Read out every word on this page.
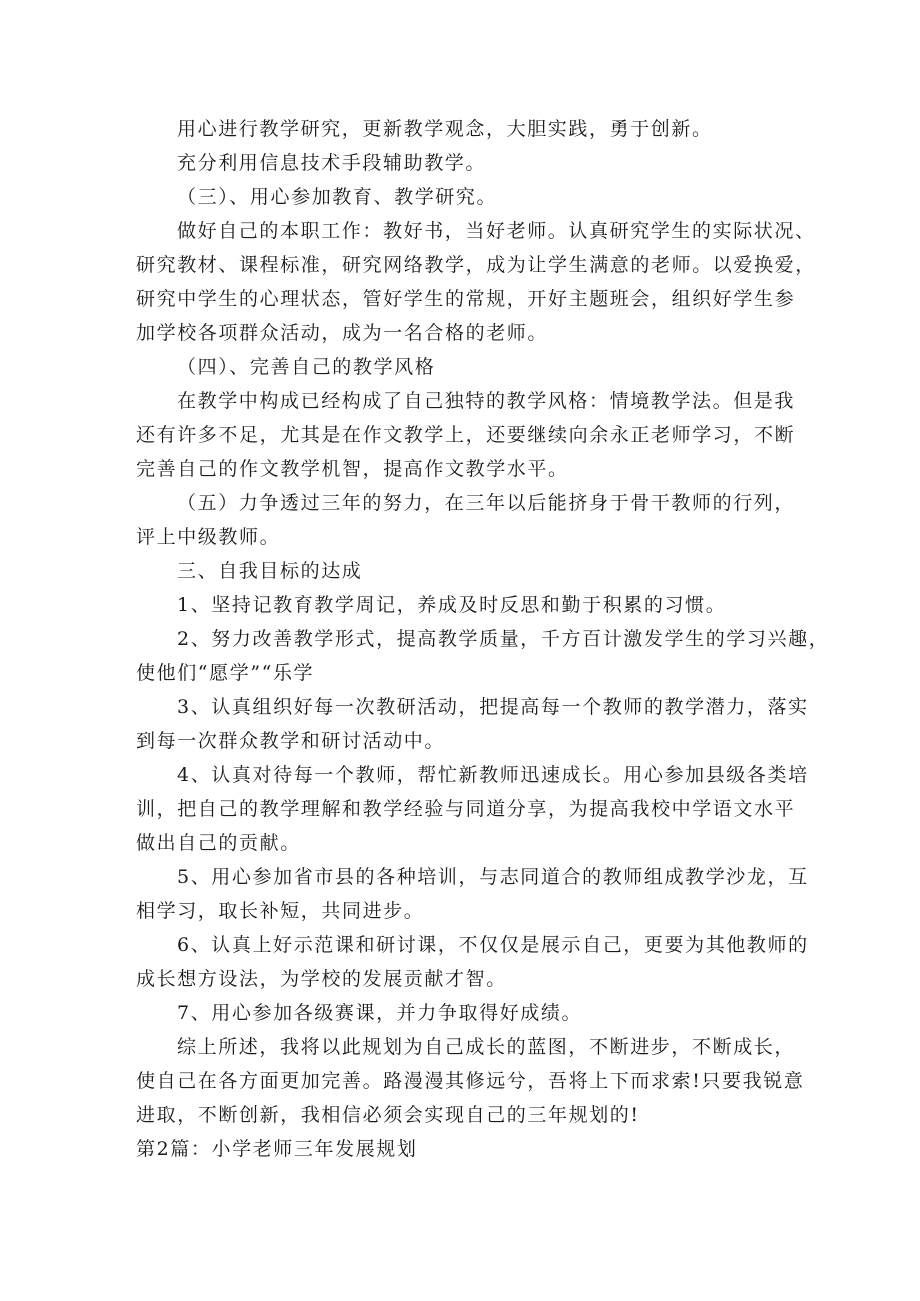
用心进行教学研究，更新教学观念，大胆实践，勇于创新。
充分利用信息技术手段辅助教学。
（三）、用心参加教育、教学研究。
做好自己的本职工作：教好书，当好老师。认真研究学生的实际状况、
研究教材、课程标准，研究网络教学，成为让学生满意的老师。以爱换爱，
研究中学生的心理状态，管好学生的常规，开好主题班会，组织好学生参
加学校各项群众活动，成为一名合格的老师。
（四）、完善自己的教学风格
在教学中构成已经构成了自己独特的教学风格：情境教学法。但是我
还有许多不足，尤其是在作文教学上，还要继续向余永正老师学习，不断
完善自己的作文教学机智，提高作文教学水平。
（五）力争透过三年的努力，在三年以后能挤身于骨干教师的行列，
评上中级教师。
三、自我目标的达成
1、坚持记教育教学周记，养成及时反思和勤于积累的习惯。
2、努力改善教学形式，提高教学质量，千方百计激发学生的学习兴趣，
使他们“愿学”“乐学
3、认真组织好每一次教研活动，把提高每一个教师的教学潜力，落实
到每一次群众教学和研讨活动中。
4、认真对待每一个教师，帮忙新教师迅速成长。用心参加县级各类培
训，把自己的教学理解和教学经验与同道分享，为提高我校中学语文水平
做出自己的贡献。
5、用心参加省市县的各种培训，与志同道合的教师组成教学沙龙，互
相学习，取长补短，共同进步。
6、认真上好示范课和研讨课，不仅仅是展示自己，更要为其他教师的
成长想方设法，为学校的发展贡献才智。
7、用心参加各级赛课，并力争取得好成绩。
综上所述，我将以此规划为自己成长的蓝图，不断进步，不断成长，
使自己在各方面更加完善。路漫漫其修远兮，吾将上下而求索!只要我锐意
进取，不断创新，我相信必须会实现自己的三年规划的!
第2篇：小学老师三年发展规划
